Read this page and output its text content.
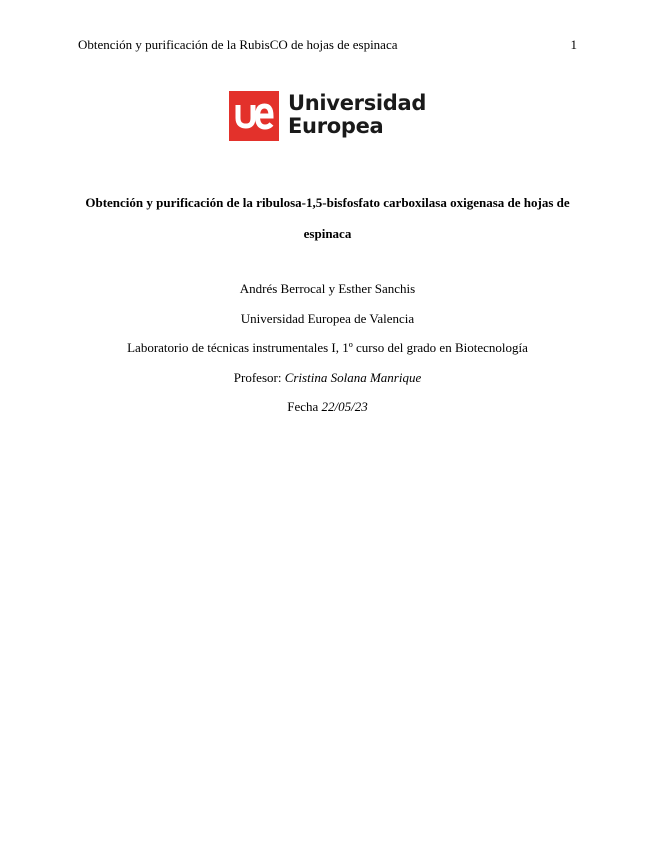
Obtención y purificación de la RubisCO de hojas de espinaca	1
Universidad
Europea
Obtención y purificación de la ribulosa-1,5-bisfosfato carboxilasa oxigenasa de hojas de espinaca
Andrés Berrocal y Esther Sanchis
Universidad Europea de Valencia
Laboratorio de técnicas instrumentales I, 1º curso del grado en Biotecnología
Profesor: Cristina Solana Manrique
Fecha 22/05/23
